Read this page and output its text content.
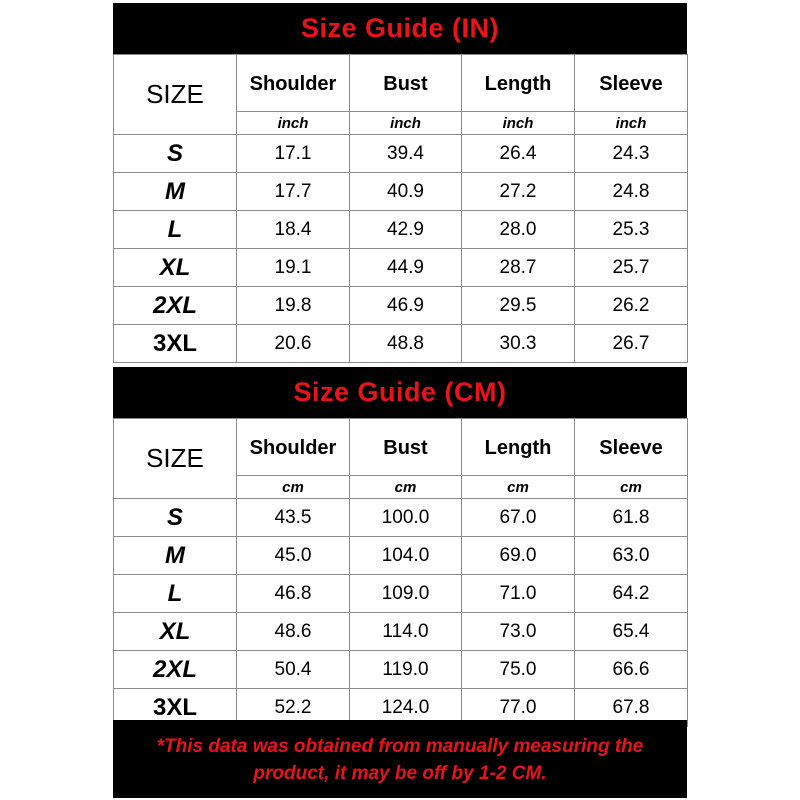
Size Guide (IN)
SIZE	Shoulder	Bust	Length	Sleeve
	inch	inch	inch	inch
S	17.1	39.4	26.4	24.3
M	17.7	40.9	27.2	24.8
L	18.4	42.9	28.0	25.3
XL	19.1	44.9	28.7	25.7
2XL	19.8	46.9	29.5	26.2
3XL	20.6	48.8	30.3	26.7
Size Guide (CM)
SIZE	Shoulder	Bust	Length	Sleeve
	cm	cm	cm	cm
S	43.5	100.0	67.0	61.8
M	45.0	104.0	69.0	63.0
L	46.8	109.0	71.0	64.2
XL	48.6	114.0	73.0	65.4
2XL	50.4	119.0	75.0	66.6
3XL	52.2	124.0	77.0	67.8
*This data was obtained from manually measuring the
product, it may be off by 1-2 CM.
